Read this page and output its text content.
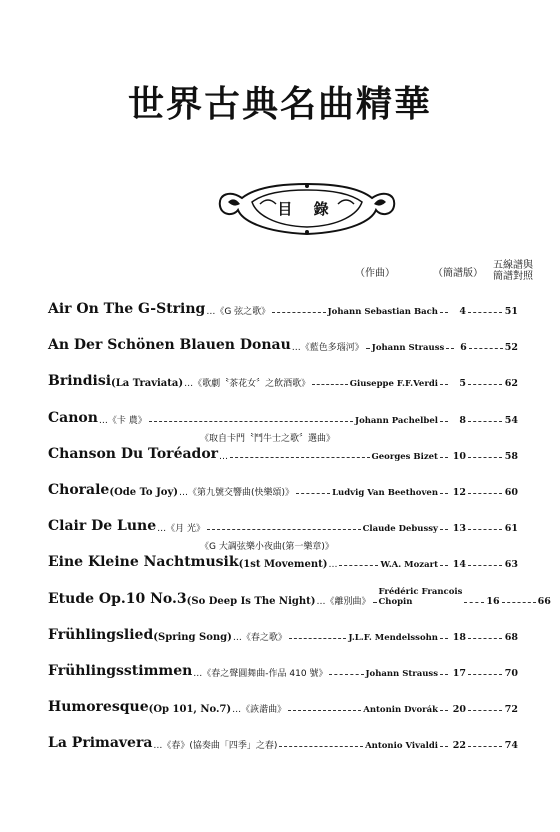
世界古典名曲精華
目 錄
（作曲）	（簡譜版）
五線譜與
簡譜對照
Air On The G-String …《G 弦之歌》	Johann Sebastian Bach	4	51
An Der Schönen Blauen Donau …《藍色多瑙河》 Johann Strauss	6	52
Brindisi (La Traviata) …《歌劇〝茶花女〞之飲酒歌》	Giuseppe F.F.Verdi	5	62
Canon …《卡 農》	Johann Pachelbel	8	54
《取自卡門〝鬥牛士之歌〞選曲》
Chanson Du Toréador …	Georges Bizet 10	58
Chorale (Ode To Joy) …《第九號交響曲(快樂頌)》	Ludvig Van Beethoven 12	60
Clair De Lune …《月 光》	Claude Debussy 13	61
《G 大調弦樂小夜曲(第一樂章)》
Eine Kleine Nachtmusik (1st Movement) …	W.A. Mozart 14	63
Etude Op.10 No.3 (So Deep Is The Night) …《離別曲》
Frédéric Francois
Chopin	16	66
Frühlingslied (Spring Song) …《春之歌》	J.L.F. Mendelssohn 18	68
Frühlingsstimmen …《春之聲圓舞曲-作品 410 號》	Johann Strauss 17	70
Humoresque (Op 101, No.7) …《詼諧曲》	Antonin Dvorák 20	72
La Primavera …《春》(協奏曲「四季」之春)	Antonio Vivaldi 22	74
